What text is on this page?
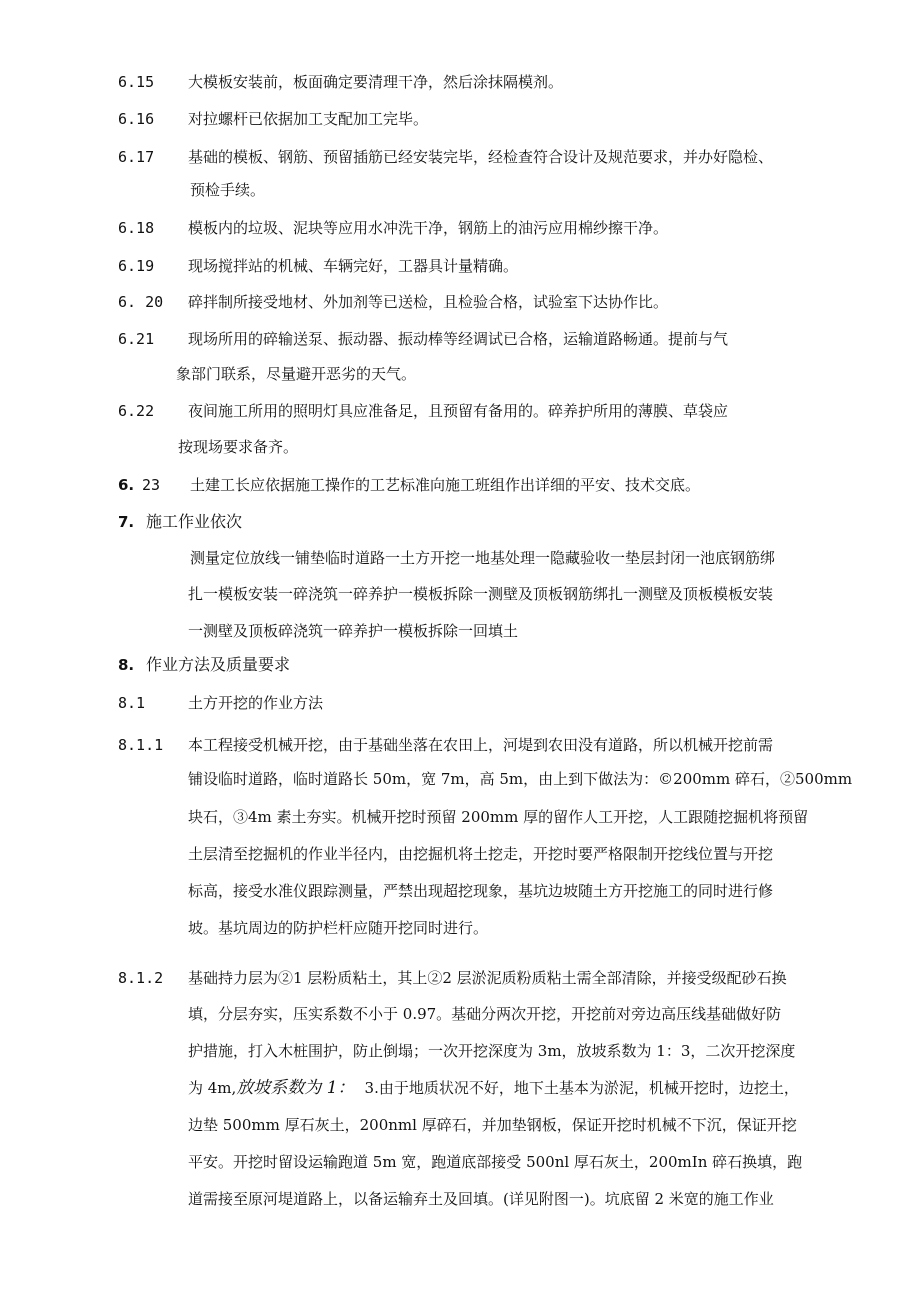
6.15 大模板安装前，板面确定要清理干净，然后涂抹隔模剂。
6.16 对拉螺杆已依据加工支配加工完毕。
6.17 基础的模板、钢筋、预留插筋已经安装完毕，经检查符合设计及规范要求，并办好隐检、
预检手续。
6.18 模板内的垃圾、泥块等应用水冲洗干净，钢筋上的油污应用棉纱擦干净。
6.19 现场搅拌站的机械、车辆完好，工器具计量精确。
6. 20 碎拌制所接受地材、外加剂等已送检，且检验合格，试验室下达协作比。
6.21 现场所用的碎输送泵、振动器、振动棒等经调试已合格，运输道路畅通。提前与气
象部门联系，尽量避开恶劣的天气。
6.22 夜间施工所用的照明灯具应准备足，且预留有备用的。碎养护所用的薄膜、草袋应
按现场要求备齐。
6. 23 土建工长应依据施工操作的工艺标准向施工班组作出详细的平安、技术交底。
7. 施工作业依次
测量定位放线一铺垫临时道路一土方开挖一地基处理一隐藏验收一垫层封闭一池底钢筋绑
扎一模板安装一碎浇筑一碎养护一模板拆除一测壁及顶板钢筋绑扎一测壁及顶板模板安装
一测壁及顶板碎浇筑一碎养护一模板拆除一回填土
8. 作业方法及质量要求
8.1	土方开挖的作业方法
8.1.1 本工程接受机械开挖，由于基础坐落在农田上，河堤到农田没有道路，所以机械开挖前需
铺设临时道路，临时道路长 50m，宽 7m，高 5m，由上到下做法为：©200mm 碎石，②500mm
块石，③4m 素土夯实。机械开挖时预留 200mm 厚的留作人工开挖，人工跟随挖掘机将预留
土层清至挖掘机的作业半径内，由挖掘机将土挖走，开挖时要严格限制开挖线位置与开挖
标高，接受水准仪跟踪测量，严禁出现超挖现象，基坑边坡随土方开挖施工的同时进行修
坡。基坑周边的防护栏杆应随开挖同时进行。
8.1.2 基础持力层为②1 层粉质粘土，其上②2 层淤泥质粉质粘土需全部清除，并接受级配砂石换
填，分层夯实，压实系数不小于 0.97。基础分两次开挖，开挖前对旁边高压线基础做好防
护措施，打入木桩围护，防止倒塌；一次开挖深度为 3m，放坡系数为 1：3，二次开挖深度
为 4m,放坡系数为 1： 3.由于地质状况不好，地下土基本为淤泥，机械开挖时，边挖土，
边垫 500mm 厚石灰土，200nml 厚碎石，并加垫钢板，保证开挖时机械不下沉，保证开挖
平安。开挖时留设运输跑道 5m 宽，跑道底部接受 500nl 厚石灰土，200mIn 碎石换填，跑
道需接至原河堤道路上，以备运输弃土及回填。(详见附图一)。坑底留 2 米宽的施工作业
